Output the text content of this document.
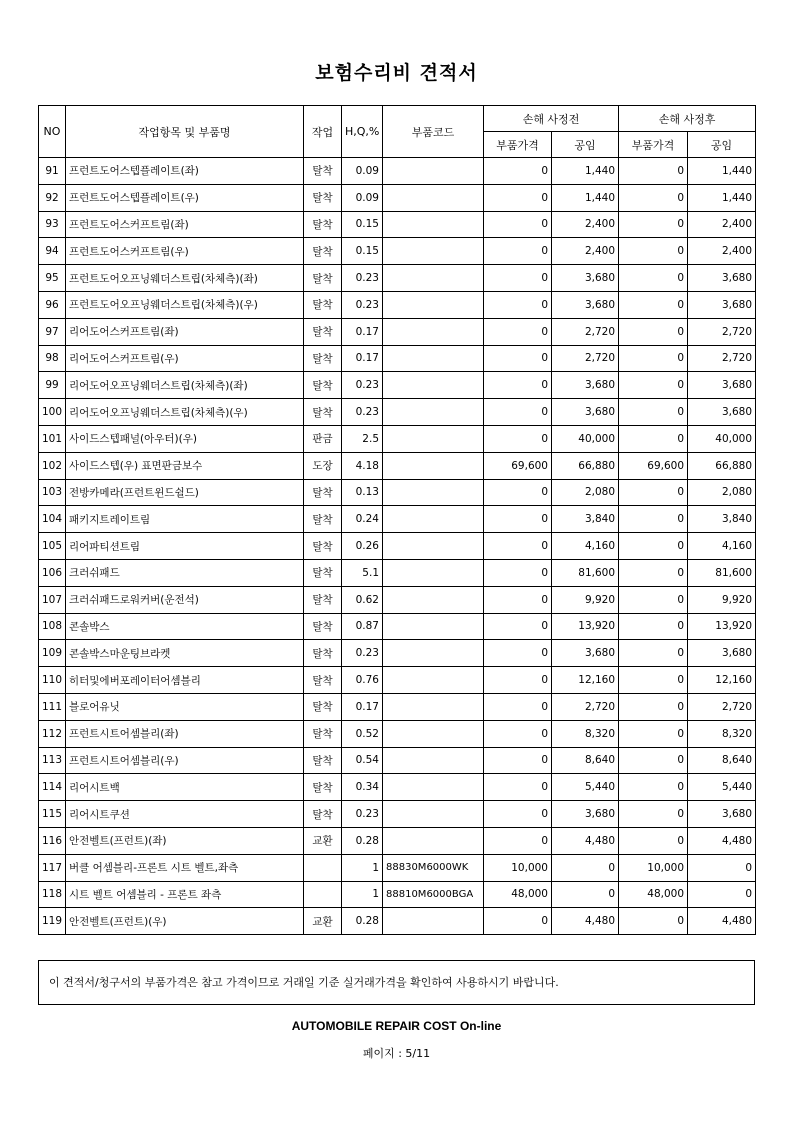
보험수리비 견적서
NO	작업항목 및 부품명	작업	H,Q,%	부품코드	손해 사정전		손해 사정후	
					부품가격	공임	부품가격	공임
91	프런트도어스텝플레이트(좌)	탈착	0.09		0	1,440	0	1,440
92	프런트도어스텝플레이트(우)	탈착	0.09		0	1,440	0	1,440
93	프런트도어스커프트림(좌)	탈착	0.15		0	2,400	0	2,400
94	프런트도어스커프트림(우)	탈착	0.15		0	2,400	0	2,400
95	프런트도어오프닝웨더스트립(차체측)(좌)	탈착	0.23		0	3,680	0	3,680
96	프런트도어오프닝웨더스트립(차체측)(우)	탈착	0.23		0	3,680	0	3,680
97	리어도어스커프트림(좌)	탈착	0.17		0	2,720	0	2,720
98	리어도어스커프트림(우)	탈착	0.17		0	2,720	0	2,720
99	리어도어오프닝웨더스트립(차체측)(좌)	탈착	0.23		0	3,680	0	3,680
100	리어도어오프닝웨더스트립(차체측)(우)	탈착	0.23		0	3,680	0	3,680
101	사이드스텝패널(아우터)(우)	판금	2.5		0	40,000	0	40,000
102	사이드스텝(우) 표면판금보수	도장	4.18		69,600	66,880	69,600	66,880
103	전방카메라(프런트윈드쉴드)	탈착	0.13		0	2,080	0	2,080
104	패키지트레이트림	탈착	0.24		0	3,840	0	3,840
105	리어파티션트림	탈착	0.26		0	4,160	0	4,160
106	크러쉬패드	탈착	5.1		0	81,600	0	81,600
107	크러쉬패드로워커버(운전석)	탈착	0.62		0	9,920	0	9,920
108	콘솔박스	탈착	0.87		0	13,920	0	13,920
109	콘솔박스마운팅브라켓	탈착	0.23		0	3,680	0	3,680
110	히터및에버포레이터어셈블리	탈착	0.76		0	12,160	0	12,160
111	블로어유닛	탈착	0.17		0	2,720	0	2,720
112	프런트시트어셈블리(좌)	탈착	0.52		0	8,320	0	8,320
113	프런트시트어셈블리(우)	탈착	0.54		0	8,640	0	8,640
114	리어시트백	탈착	0.34		0	5,440	0	5,440
115	리어시트쿠션	탈착	0.23		0	3,680	0	3,680
116	안전벨트(프런트)(좌)	교환	0.28		0	4,480	0	4,480
117	버클 어셈블리-프론트 시트 벨트,좌측		1	88830M6000WK	10,000	0	10,000	0
118	시트 벨트 어셈블리 - 프론트 좌측		1	88810M6000BGA	48,000	0	48,000	0
119	안전벨트(프런트)(우)	교환	0.28		0	4,480	0	4,480
이 견적서/청구서의 부품가격은 참고 가격이므로 거래일 기준 실거래가격을 확인하여 사용하시기 바랍니다.
AUTOMOBILE REPAIR COST On-line
페이지 : 5/11
